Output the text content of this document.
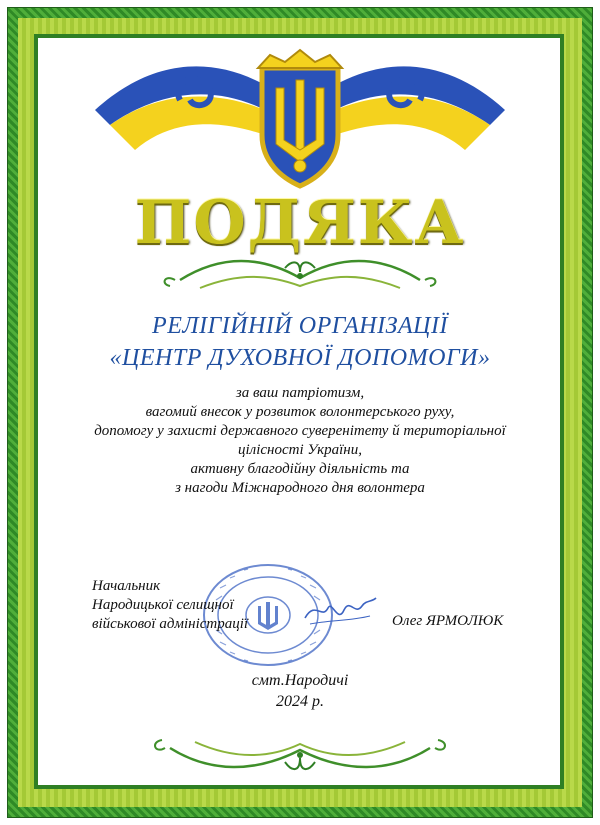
ПОДЯКА
РЕЛІГІЙНІЙ ОРГАНІЗАЦІЇ
«ЦЕНТР ДУХОВНОЇ ДОПОМОГИ»
за ваш патріотизм,
вагомий внесок у розвиток волонтерського руху,
допомогу у захисті державного суверенітету й територіальної
цілісності України,
активну благодійну діяльність та
з нагоди Міжнародного дня волонтера
Начальник
Народицької селищної
військової адміністрації	Олег ЯРМОЛЮК
смт.Народичі
2024 р.
